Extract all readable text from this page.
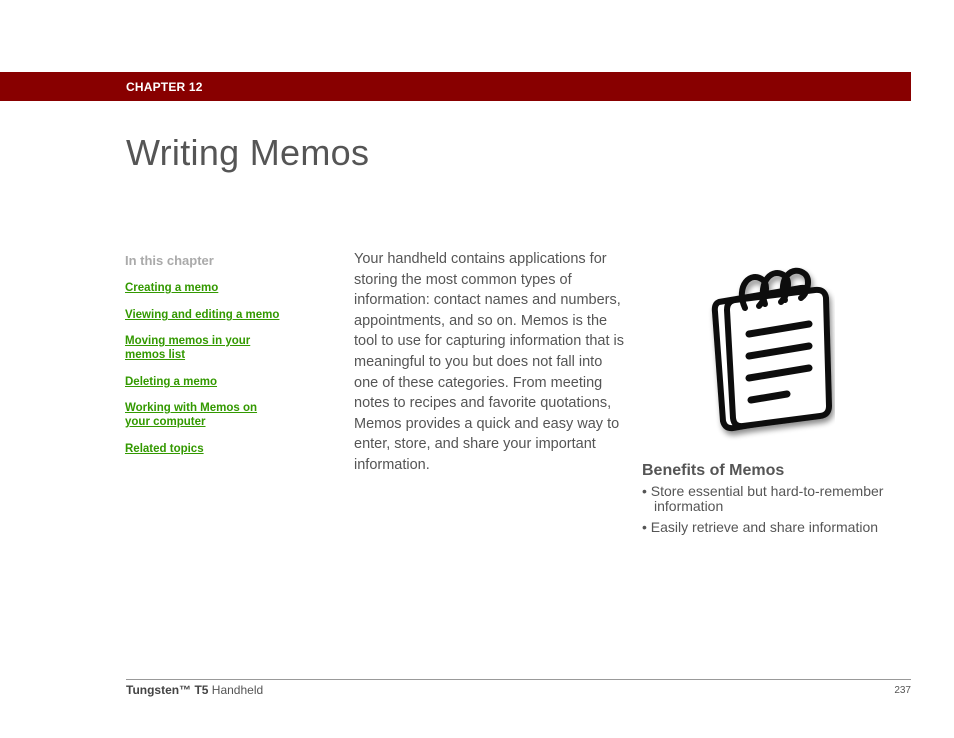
CHAPTER 12
Writing Memos
In this chapter
Creating a memo
Viewing and editing a memo
Moving memos in your
memos list
Deleting a memo
Working with Memos on
your computer
Related topics

Your handheld contains applications for storing the most common types of information: contact names and numbers, appointments, and so on. Memos is the tool to use for capturing information that is meaningful to you but does not fall into one of these categories. From meeting notes to recipes and favorite quotations, Memos provides a quick and easy way to enter, store, and share your important information.	Benefits of Memos
• Store essential but hard-to-remember information
• Easily retrieve and share information
Tungsten™ T5 Handheld	237
